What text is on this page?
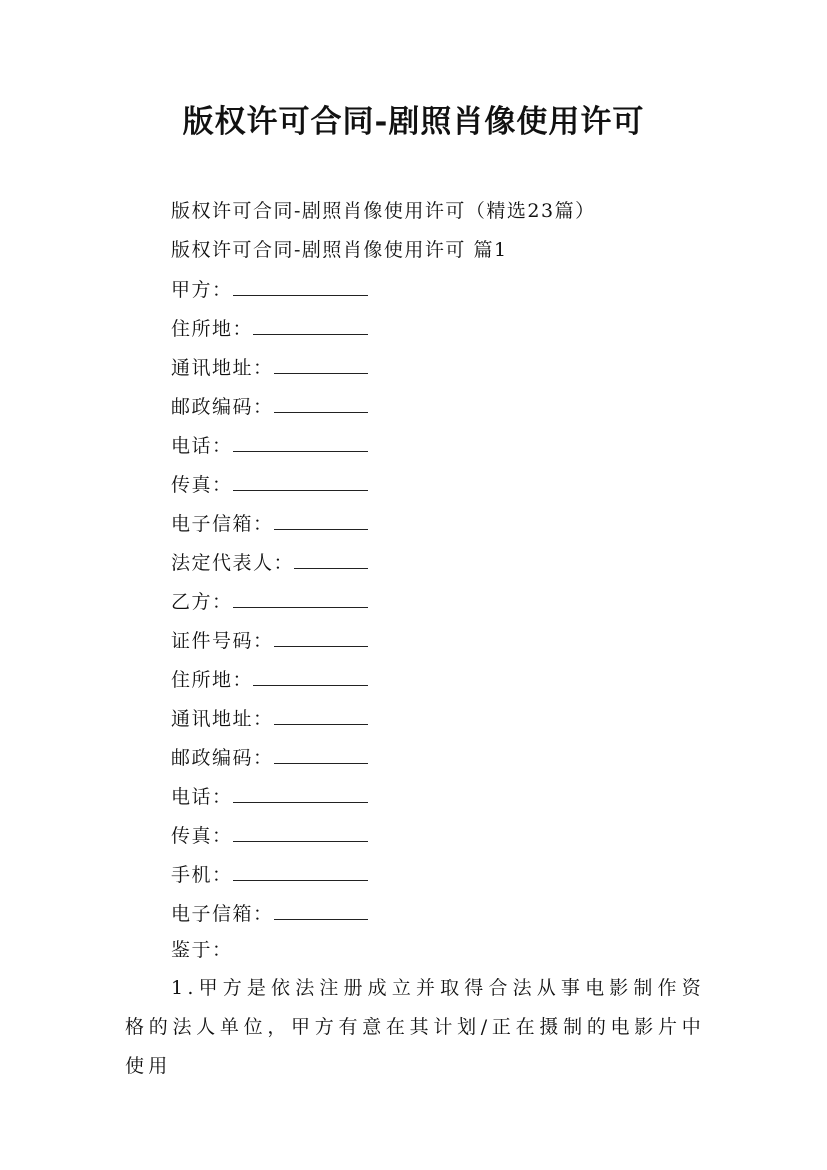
版权许可合同-剧照肖像使用许可

版权许可合同-剧照肖像使用许可（精选23篇）

版权许可合同-剧照肖像使用许可 篇1

甲方：

住所地：

通讯地址：

邮政编码：

电话：

传真：

电子信箱：

法定代表人：

乙方：

证件号码：

住所地：

通讯地址：

邮政编码：

电话：

传真：

手机：

电子信箱：

鉴于：

1.甲方是依法注册成立并取得合法从事电影制作资格的法人单位，甲方有意在其计划/正在摄制的电影片中使用
